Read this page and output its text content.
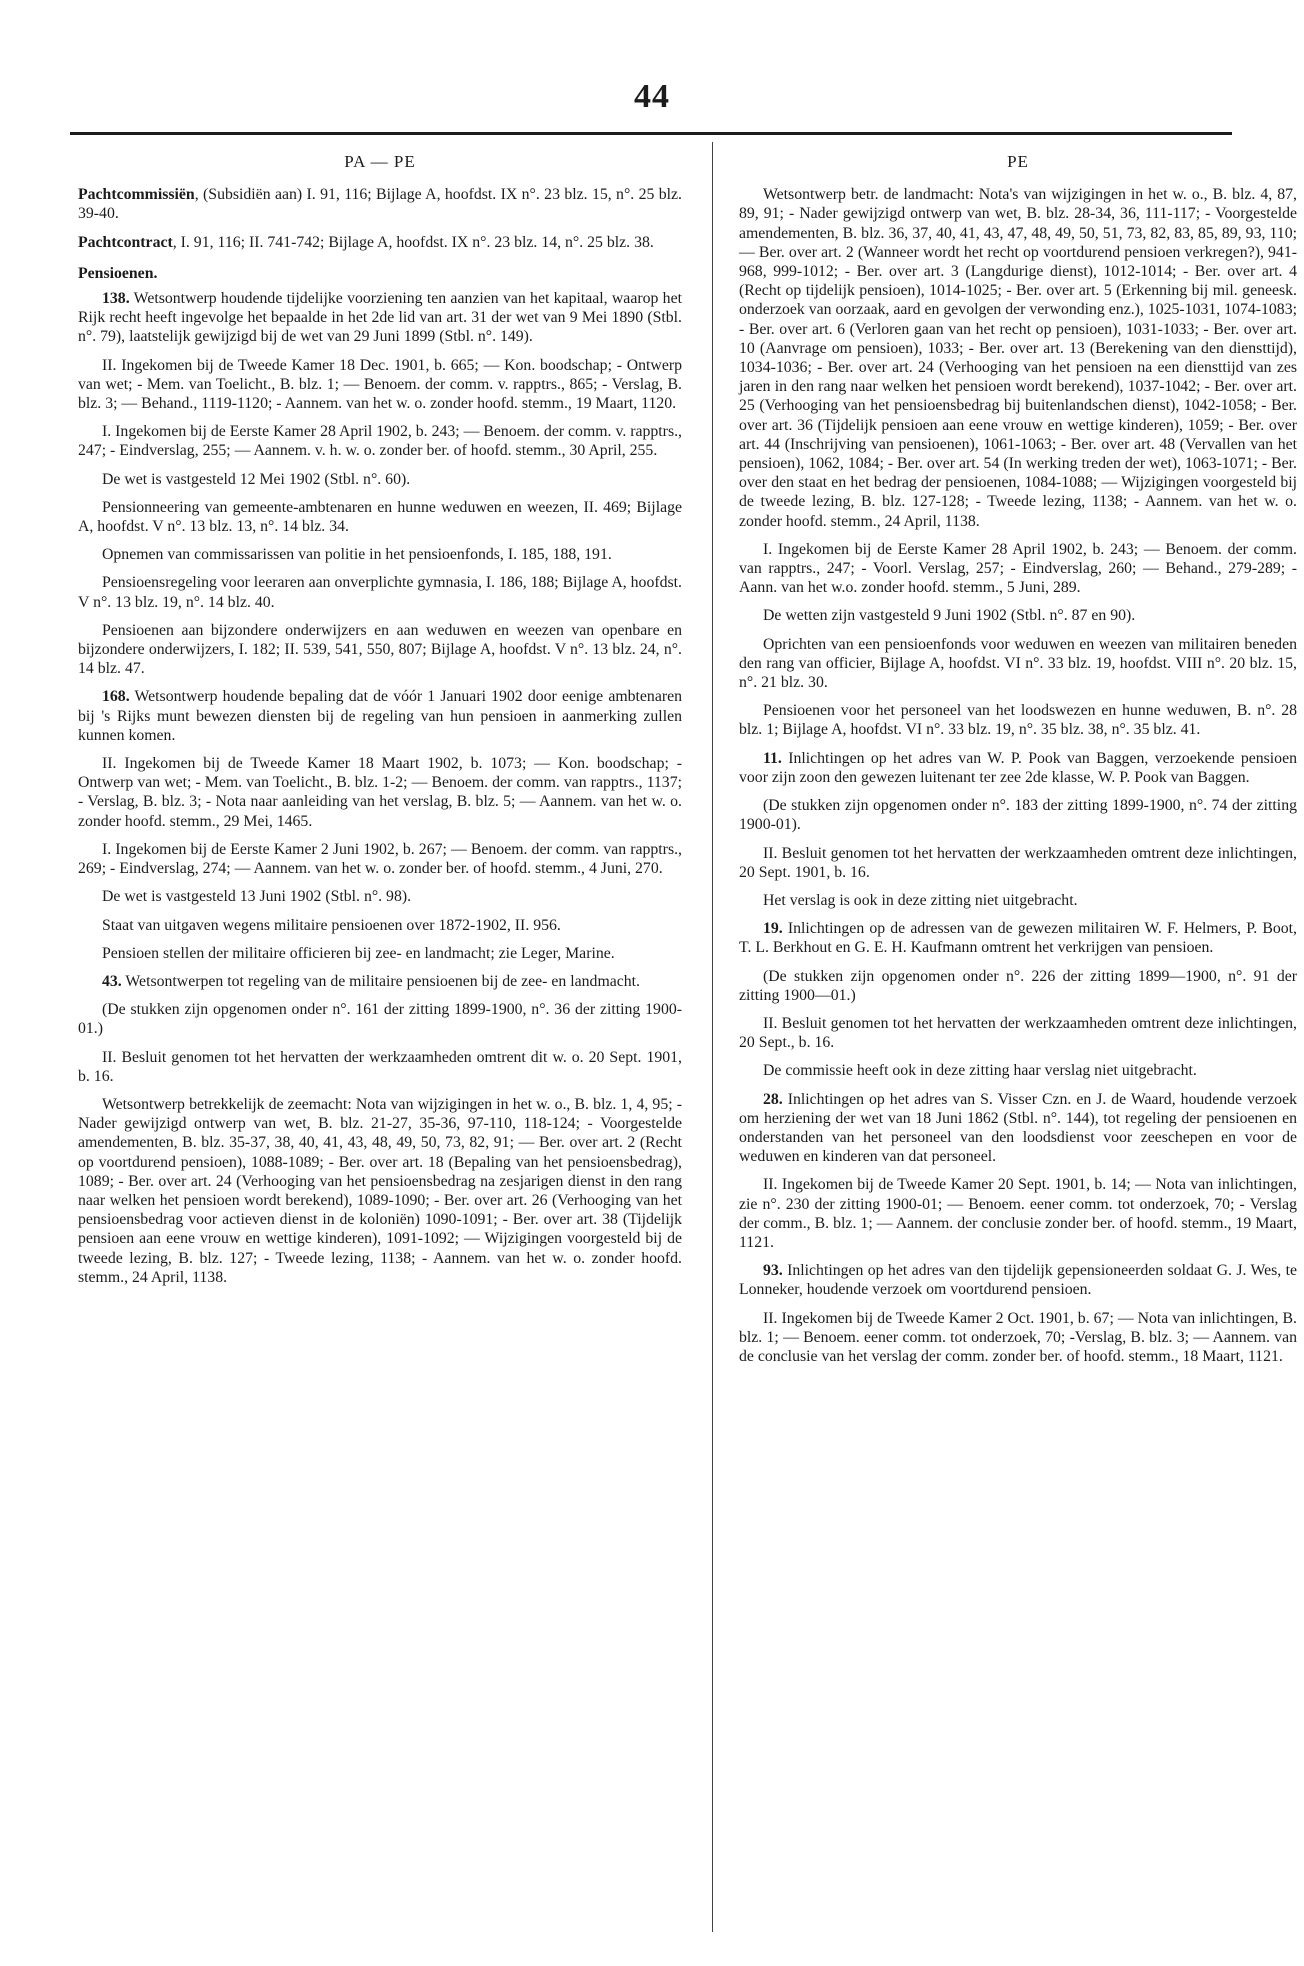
44
PA — PE

Pachtcommissiën, (Subsidiën aan) I. 91, 116; Bijlage A, hoofdst. IX n°. 23 blz. 15, n°. 25 blz. 39-40.

Pachtcontract, I. 91, 116; II. 741-742; Bijlage A, hoofdst. IX n°. 23 blz. 14, n°. 25 blz. 38.

Pensioenen.

138. Wetsontwerp houdende tijdelijke voorziening ten aanzien van het kapitaal, waarop het Rijk recht heeft ingevolge het bepaalde in het 2de lid van art. 31 der wet van 9 Mei 1890 (Stbl. n°. 79), laatstelijk gewijzigd bij de wet van 29 Juni 1899 (Stbl. n°. 149).

II. Ingekomen bij de Tweede Kamer 18 Dec. 1901, b. 665; — Kon. boodschap; - Ontwerp van wet; - Mem. van Toelicht., B. blz. 1; — Benoem. der comm. v. rapptrs., 865; - Verslag, B. blz. 3; — Behand., 1119-1120; - Aannem. van het w. o. zonder hoofd. stemm., 19 Maart, 1120.

I. Ingekomen bij de Eerste Kamer 28 April 1902, b. 243; — Benoem. der comm. v. rapptrs., 247; - Eindverslag, 255; — Aannem. v. h. w. o. zonder ber. of hoofd. stemm., 30 April, 255.

De wet is vastgesteld 12 Mei 1902 (Stbl. n°. 60).

Pensionneering van gemeente-ambtenaren en hunne weduwen en weezen, II. 469; Bijlage A, hoofdst. V n°. 13 blz. 13, n°. 14 blz. 34.

Opnemen van commissarissen van politie in het pensioenfonds, I. 185, 188, 191.

Pensioensregeling voor leeraren aan onverplichte gymnasia, I. 186, 188; Bijlage A, hoofdst. V n°. 13 blz. 19, n°. 14 blz. 40.

Pensioenen aan bijzondere onderwijzers en aan weduwen en weezen van openbare en bijzondere onderwijzers, I. 182; II. 539, 541, 550, 807; Bijlage A, hoofdst. V n°. 13 blz. 24, n°. 14 blz. 47.

168. Wetsontwerp houdende bepaling dat de vóór 1 Januari 1902 door eenige ambtenaren bij 's Rijks munt bewezen diensten bij de regeling van hun pensioen in aanmerking zullen kunnen komen.

II. Ingekomen bij de Tweede Kamer 18 Maart 1902, b. 1073; — Kon. boodschap; - Ontwerp van wet; - Mem. van Toelicht., B. blz. 1-2; — Benoem. der comm. van rapptrs., 1137; - Verslag, B. blz. 3; - Nota naar aanleiding van het verslag, B. blz. 5; — Aannem. van het w. o. zonder hoofd. stemm., 29 Mei, 1465.

I. Ingekomen bij de Eerste Kamer 2 Juni 1902, b. 267; — Benoem. der comm. van rapptrs., 269; - Eindverslag, 274; — Aannem. van het w. o. zonder ber. of hoofd. stemm., 4 Juni, 270.

De wet is vastgesteld 13 Juni 1902 (Stbl. n°. 98).

Staat van uitgaven wegens militaire pensioenen over 1872-1902, II. 956.

Pensioen stellen der militaire officieren bij zee- en landmacht; zie Leger, Marine.

43. Wetsontwerpen tot regeling van de militaire pensioenen bij de zee- en landmacht.

(De stukken zijn opgenomen onder n°. 161 der zitting 1899-1900, n°. 36 der zitting 1900-01.)

II. Besluit genomen tot het hervatten der werkzaamheden omtrent dit w. o. 20 Sept. 1901, b. 16.

Wetsontwerp betrekkelijk de zeemacht: Nota van wijzigingen in het w. o., B. blz. 1, 4, 95; - Nader gewijzigd ontwerp van wet, B. blz. 21-27, 35-36, 97-110, 118-124; - Voorgestelde amendementen, B. blz. 35-37, 38, 40, 41, 43, 48, 49, 50, 73, 82, 91; — Ber. over art. 2 (Recht op voortdurend pensioen), 1088-1089; - Ber. over art. 18 (Bepaling van het pensioensbedrag), 1089; - Ber. over art. 24 (Verhooging van het pensioensbedrag na zesjarigen dienst in den rang naar welken het pensioen wordt berekend), 1089-1090; - Ber. over art. 26 (Verhooging van het pensioensbedrag voor actieven dienst in de koloniën) 1090-1091; - Ber. over art. 38 (Tijdelijk pensioen aan eene vrouw en wettige kinderen), 1091-1092; — Wijzigingen voorgesteld bij de tweede lezing, B. blz. 127; - Tweede lezing, 1138; - Aannem. van het w. o. zonder hoofd. stemm., 24 April, 1138.

PE

Wetsontwerp betr. de landmacht: Nota's van wijzigingen in het w. o., B. blz. 4, 87, 89, 91; - Nader gewijzigd ontwerp van wet, B. blz. 28-34, 36, 111-117; - Voorgestelde amendementen, B. blz. 36, 37, 40, 41, 43, 47, 48, 49, 50, 51, 73, 82, 83, 85, 89, 93, 110; — Ber. over art. 2 (Wanneer wordt het recht op voortdurend pensioen verkregen?), 941-968, 999-1012; - Ber. over art. 3 (Langdurige dienst), 1012-1014; - Ber. over art. 4 (Recht op tijdelijk pensioen), 1014-1025; - Ber. over art. 5 (Erkenning bij mil. geneesk. onderzoek van oorzaak, aard en gevolgen der verwonding enz.), 1025-1031, 1074-1083; - Ber. over art. 6 (Verloren gaan van het recht op pensioen), 1031-1033; - Ber. over art. 10 (Aanvrage om pensioen), 1033; - Ber. over art. 13 (Berekening van den diensttijd), 1034-1036; - Ber. over art. 24 (Verhooging van het pensioen na een diensttijd van zes jaren in den rang naar welken het pensioen wordt berekend), 1037-1042; - Ber. over art. 25 (Verhooging van het pensioensbedrag bij buitenlandschen dienst), 1042-1058; - Ber. over art. 36 (Tijdelijk pensioen aan eene vrouw en wettige kinderen), 1059; - Ber. over art. 44 (Inschrijving van pensioenen), 1061-1063; - Ber. over art. 48 (Vervallen van het pensioen), 1062, 1084; - Ber. over art. 54 (In werking treden der wet), 1063-1071; - Ber. over den staat en het bedrag der pensioenen, 1084-1088; — Wijzigingen voorgesteld bij de tweede lezing, B. blz. 127-128; - Tweede lezing, 1138; - Aannem. van het w. o. zonder hoofd. stemm., 24 April, 1138.

I. Ingekomen bij de Eerste Kamer 28 April 1902, b. 243; — Benoem. der comm. van rapptrs., 247; - Voorl. Verslag, 257; - Eindverslag, 260; — Behand., 279-289; - Aann. van het w.o. zonder hoofd. stemm., 5 Juni, 289.

De wetten zijn vastgesteld 9 Juni 1902 (Stbl. n°. 87 en 90).

Oprichten van een pensioenfonds voor weduwen en weezen van militairen beneden den rang van officier, Bijlage A, hoofdst. VI n°. 33 blz. 19, hoofdst. VIII n°. 20 blz. 15, n°. 21 blz. 30.

Pensioenen voor het personeel van het loodswezen en hunne weduwen, B. n°. 28 blz. 1; Bijlage A, hoofdst. VI n°. 33 blz. 19, n°. 35 blz. 38, n°. 35 blz. 41.

11. Inlichtingen op het adres van W. P. Pook van Baggen, verzoekende pensioen voor zijn zoon den gewezen luitenant ter zee 2de klasse, W. P. Pook van Baggen.

(De stukken zijn opgenomen onder n°. 183 der zitting 1899-1900, n°. 74 der zitting 1900-01).

II. Besluit genomen tot het hervatten der werkzaamheden omtrent deze inlichtingen, 20 Sept. 1901, b. 16.

Het verslag is ook in deze zitting niet uitgebracht.

19. Inlichtingen op de adressen van de gewezen militairen W. F. Helmers, P. Boot, T. L. Berkhout en G. E. H. Kaufmann omtrent het verkrijgen van pensioen.

(De stukken zijn opgenomen onder n°. 226 der zitting 1899—1900, n°. 91 der zitting 1900—01.)

II. Besluit genomen tot het hervatten der werkzaamheden omtrent deze inlichtingen, 20 Sept., b. 16.

De commissie heeft ook in deze zitting haar verslag niet uitgebracht.

28. Inlichtingen op het adres van S. Visser Czn. en J. de Waard, houdende verzoek om herziening der wet van 18 Juni 1862 (Stbl. n°. 144), tot regeling der pensioenen en onderstanden van het personeel van den loodsdienst voor zeeschepen en voor de weduwen en kinderen van dat personeel.

II. Ingekomen bij de Tweede Kamer 20 Sept. 1901, b. 14; — Nota van inlichtingen, zie n°. 230 der zitting 1900-01; — Benoem. eener comm. tot onderzoek, 70; - Verslag der comm., B. blz. 1; — Aannem. der conclusie zonder ber. of hoofd. stemm., 19 Maart, 1121.

93. Inlichtingen op het adres van den tijdelijk gepensioneerden soldaat G. J. Wes, te Lonneker, houdende verzoek om voortdurend pensioen.

II. Ingekomen bij de Tweede Kamer 2 Oct. 1901, b. 67; — Nota van inlichtingen, B. blz. 1; — Benoem. eener comm. tot onderzoek, 70; -Verslag, B. blz. 3; — Aannem. van de conclusie van het verslag der comm. zonder ber. of hoofd. stemm., 18 Maart, 1121.
